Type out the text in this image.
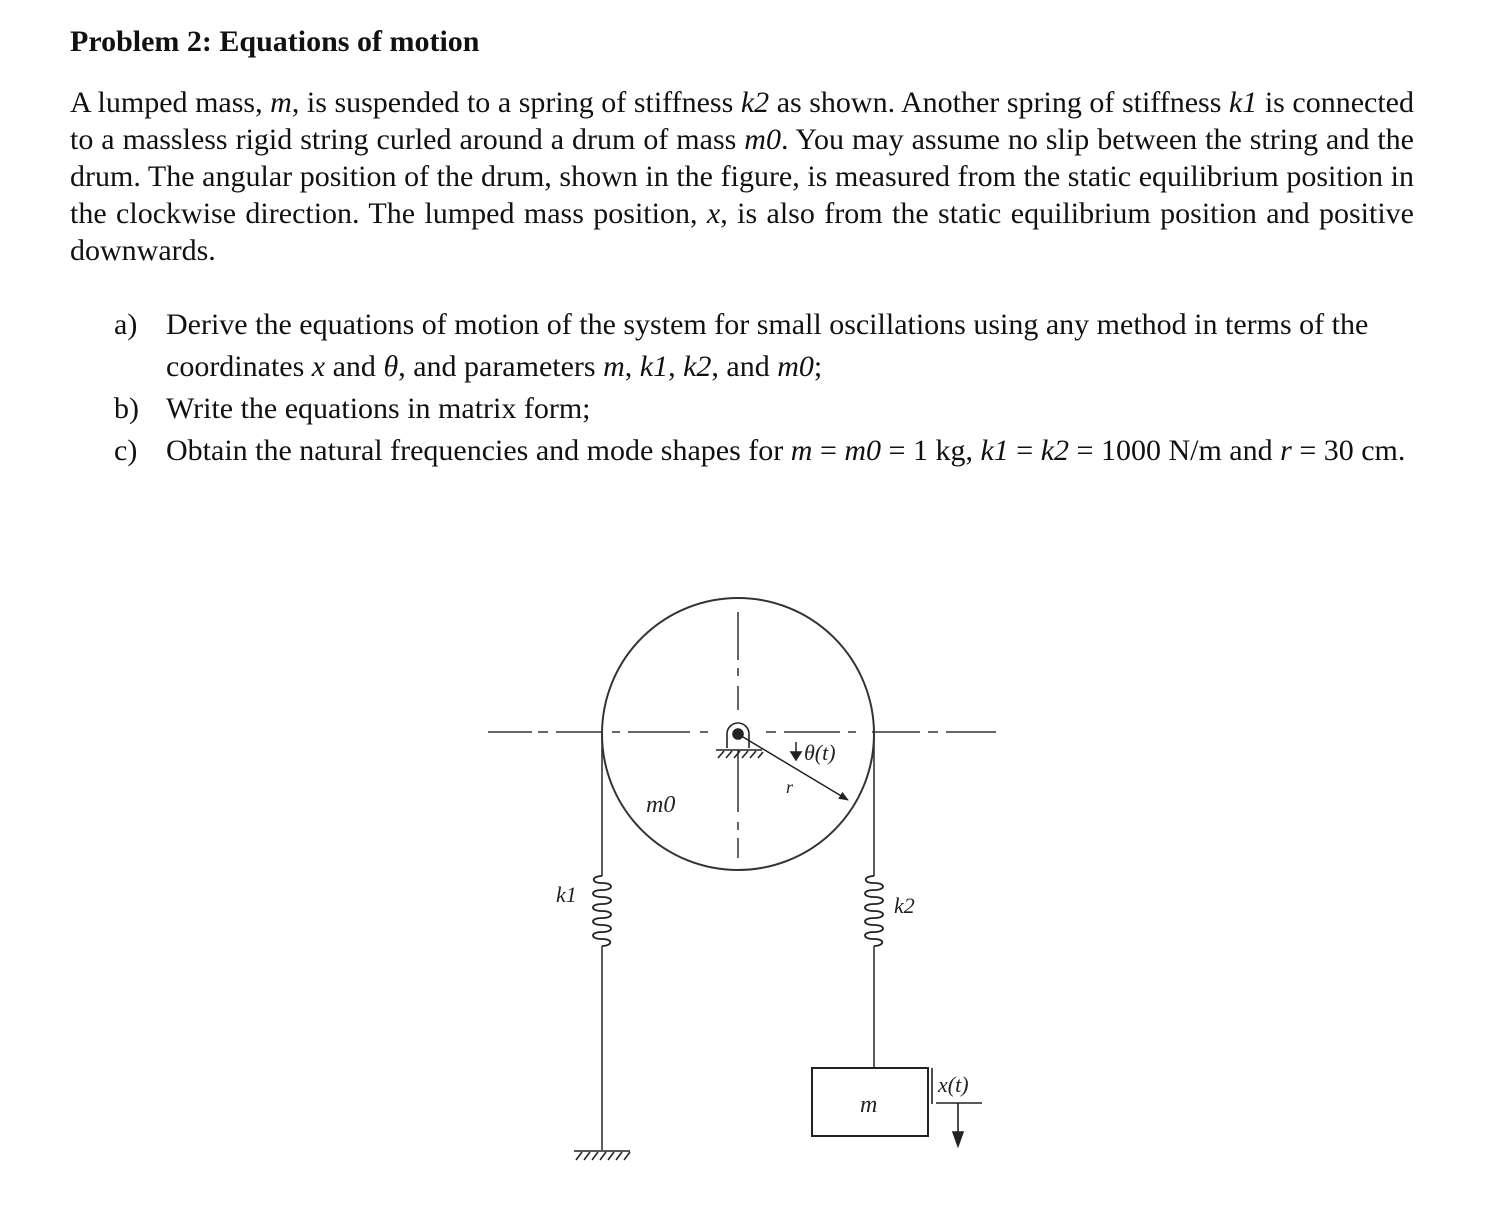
Problem 2: Equations of motion

A lumped mass, m, is suspended to a spring of stiffness k2 as shown. Another spring of stiffness k1 is connected to a massless rigid string curled around a drum of mass m0. You may assume no slip between the string and the drum. The angular position of the drum, shown in the figure, is measured from the static equilibrium position in the clockwise direction. The lumped mass position, x, is also from the static equilibrium position and positive downwards.

a) Derive the equations of motion of the system for small oscillations using any method in terms of the coordinates x and θ, and parameters m, k1, k2, and m0;
b) Write the equations in matrix form;
c) Obtain the natural frequencies and mode shapes for m = m0 = 1 kg, k1 = k2 = 1000 N/m and r = 30 cm.
θ(t)
r
m0
k1	k2
m
x(t)
